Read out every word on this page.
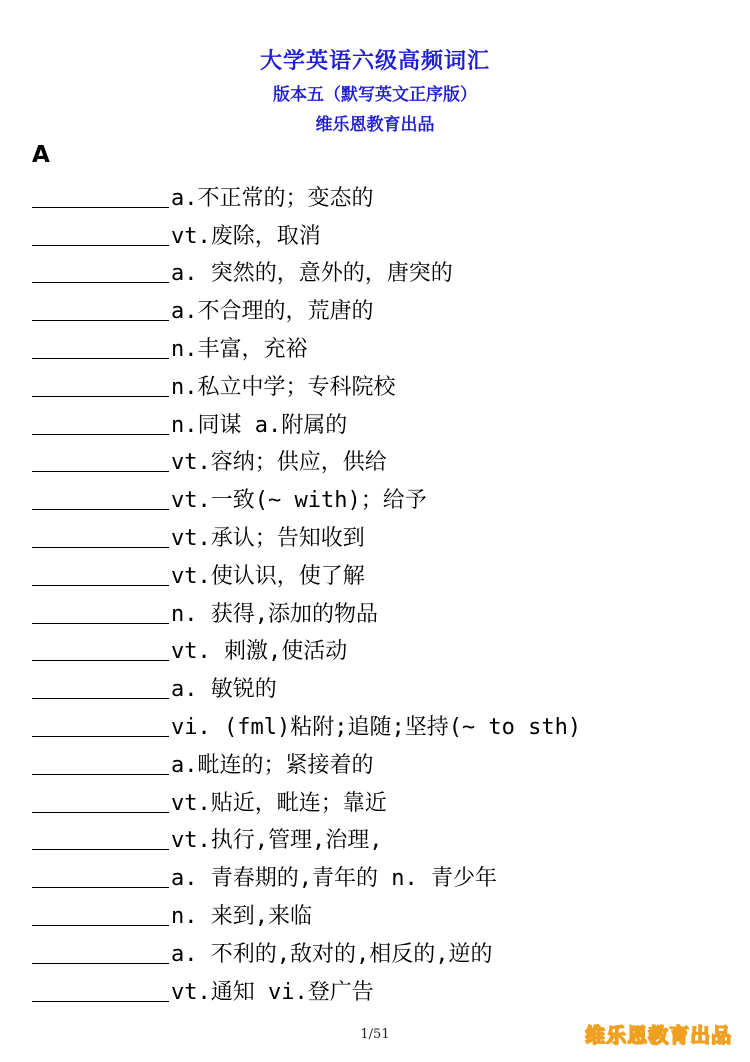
大学英语六级高频词汇
版本五（默写英文正序版）
维乐恩教育出品
A
a.不正常的；变态的
vt.废除，取消
a. 突然的，意外的，唐突的
a.不合理的，荒唐的
n.丰富，充裕
n.私立中学；专科院校
n.同谋 a.附属的
vt.容纳；供应，供给
vt.一致(~ with)；给予
vt.承认；告知收到
vt.使认识，使了解
n. 获得,添加的物品
vt. 刺激,使活动
a. 敏锐的
vi. (fml)粘附;追随;坚持(~ to sth)
a.毗连的；紧接着的
vt.贴近，毗连；靠近
vt.执行,管理,治理,
a. 青春期的,青年的 n. 青少年
n. 来到,来临
a. 不利的,敌对的,相反的,逆的
vt.通知 vi.登广告
1/51	维乐恩教育出品
